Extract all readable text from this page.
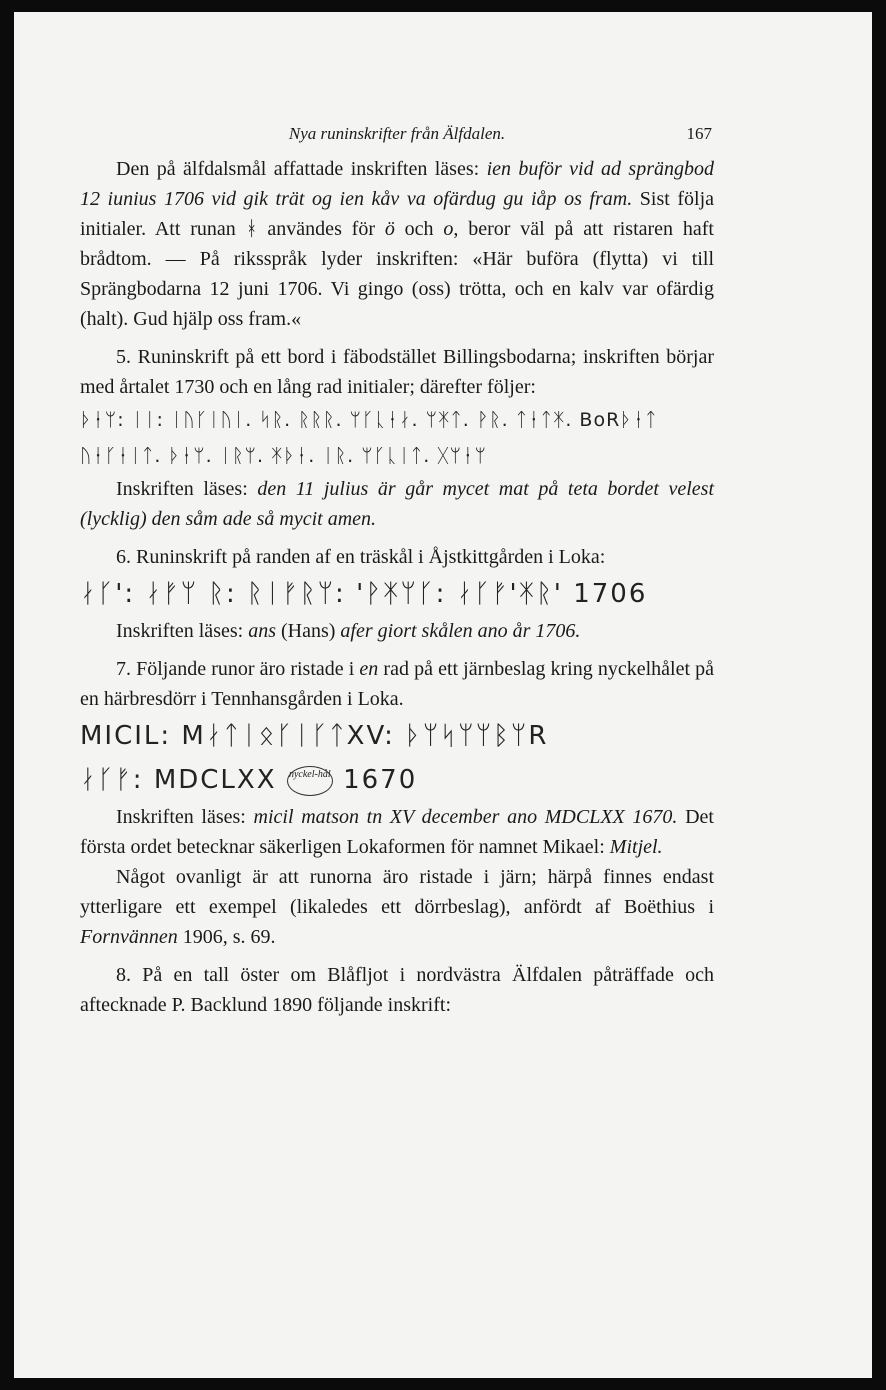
Nya runinskrifter från Älfdalen.	167

Den på älfdalsmål affattade inskriften läses: ien buför vid ad sprängbod 12 iunius 1706 vid gik trät og ien kåv va ofärdug gu iåp os fram. Sist följa initialer. Att runan ᚼ användes för ö och o, beror väl på att ristaren haft brådtom. — På riksspråk lyder inskriften: «Här buföra (flytta) vi till Sprängbodarna 12 juni 1706. Vi gingo (oss) trötta, och en kalv var ofärdig (halt). Gud hjälp oss fram.«

5. Runinskrift på ett bord i fäbodstället Billingsbodarna; inskriften börjar med årtalet 1730 och en lång rad initialer; därefter följer:

ᚦᛂᛘ: ᛁᛁ: ᛁᚢᚴᛁᚢᛁ. ᛋᚱ. ᚱᚱᚱ. ᛘᚴᚳᛂᛅ. ᛘᛡᛏ. ᚹᚱ. ᛏᛂᛏᛡ. BoRᚦᛂᛏ
ᚢᛂᚴᛂᛁᛏ. ᚦᛂᛘ. ᛁᚱᛘ. ᛡᚦᛂ. ᛁᚱ. ᛘᚴᚳᛁᛏ. ᚷᛘᛂᛘ

Inskriften läses: den 11 julius är går mycet mat på teta bordet velest (lycklig) den såm ade så mycit amen.

6. Runinskrift på randen af en träskål i Åjstkittgården i Loka:

ᛅᚴ': ᛅᚠᛘ ᚱ: ᚱᛁᚠᚱᛘ: 'ᚹᛡᛘᚴ: ᛅᚴᚠ'ᛡᚱ' 1706

Inskriften läses: ans (Hans) afer giort skålen ano år 1706.

7. Följande runor äro ristade i en rad på ett järnbeslag kring nyckelhålet på en härbresdörr i Tennhansgården i Loka.

MICIL: MᛅᛏᛁᛟᚴᛁᚴᛏXV: ᚦᛘᛋᛘᛘᛒᛘR
ᛅᚴᚠ: MDCLXX nyckel-hål 1670

Inskriften läses: micil matson tn XV december ano MDCLXX 1670. Det första ordet betecknar säkerligen Lokaformen för namnet Mikael: Mitjel.

Något ovanligt är att runorna äro ristade i järn; härpå finnes endast ytterligare ett exempel (likaledes ett dörrbeslag), anfördt af Boëthius i Fornvännen 1906, s. 69.

8. På en tall öster om Blåfljot i nordvästra Älfdalen påträffade och aftecknade P. Backlund 1890 följande inskrift:
